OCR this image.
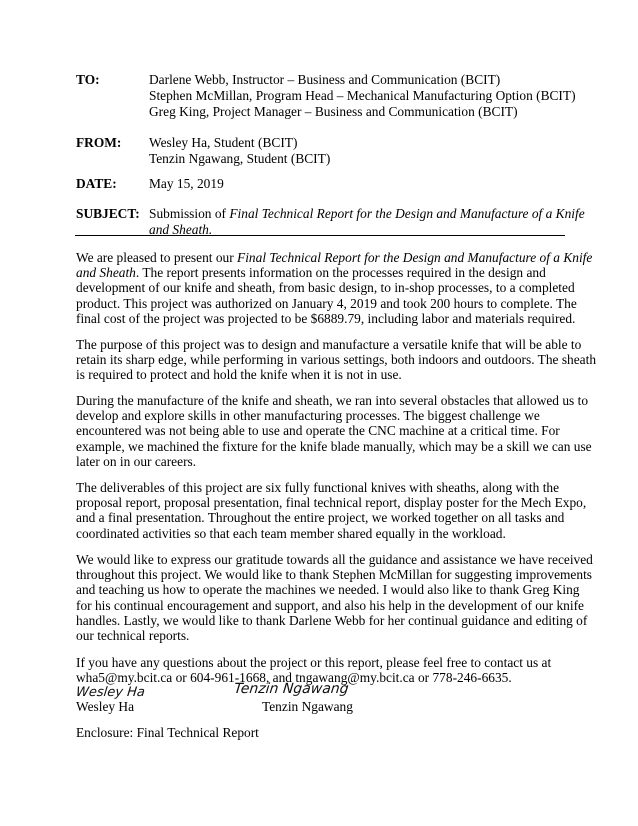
TO:	Darlene Webb, Instructor – Business and Communication (BCIT)
Stephen McMillan, Program Head – Mechanical Manufacturing Option (BCIT)
Greg King, Project Manager – Business and Communication (BCIT)
FROM: Wesley Ha, Student (BCIT)
Tenzin Ngawang, Student (BCIT)
DATE: May 15, 2019
SUBJECT: Submission of Final Technical Report for the Design and Manufacture of a Knife
and Sheath.

We are pleased to present our Final Technical Report for the Design and Manufacture of a Knife

and Sheath. The report presents information on the processes required in the design and

development of our knife and sheath, from basic design, to in-shop processes, to a completed

product. This project was authorized on January 4, 2019 and took 200 hours to complete. The

final cost of the project was projected to be $6889.79, including labor and materials required.

The purpose of this project was to design and manufacture a versatile knife that will be able to

retain its sharp edge, while performing in various settings, both indoors and outdoors. The sheath

is required to protect and hold the knife when it is not in use.

During the manufacture of the knife and sheath, we ran into several obstacles that allowed us to

develop and explore skills in other manufacturing processes. The biggest challenge we

encountered was not being able to use and operate the CNC machine at a critical time. For

example, we machined the fixture for the knife blade manually, which may be a skill we can use

later on in our careers.

The deliverables of this project are six fully functional knives with sheaths, along with the

proposal report, proposal presentation, final technical report, display poster for the Mech Expo,

and a final presentation. Throughout the entire project, we worked together on all tasks and

coordinated activities so that each team member shared equally in the workload.

We would like to express our gratitude towards all the guidance and assistance we have received

throughout this project. We would like to thank Stephen McMillan for suggesting improvements

and teaching us how to operate the machines we needed. I would also like to thank Greg King

for his continual encouragement and support, and also his help in the development of our knife

handles. Lastly, we would like to thank Darlene Webb for her continual guidance and editing of

our technical reports.

If you have any questions about the project or this report, please feel free to contact us at

wha5@my.bcit.ca or 604-961-1668, and tngawang@my.bcit.ca or 778-246-6635.

Wesley Ha
Wesley Ha
Tenzin Ngawang
Tenzin Ngawang
Enclosure: Final Technical Report
